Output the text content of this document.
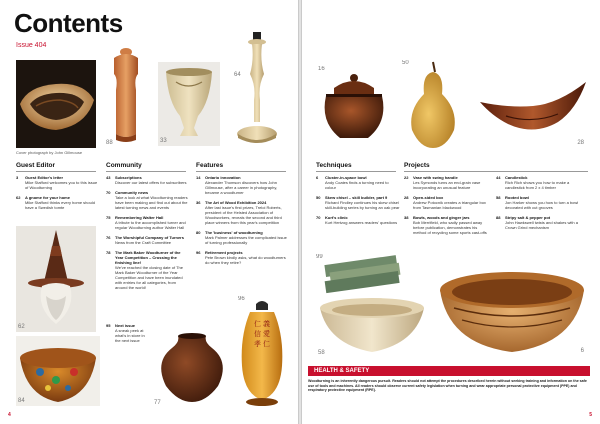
Contents
Issue 404
Cover photograph by John Gillmouse
88	33
64
Guest Editor	Community	Features
3 Guest Editor's letter
Mike Stafford welcomes you to this issue of Woodturning
62 A gnome for your home
Mike Stafford thinks every home should have a Swedish tomte
43 Subscriptions
Discover our latest offers for subscribers
70 Community news
Take a look at what Woodturning readers have been making and find out about the latest turning news and events
75 Remembering Walter Hall
A tribute to the accomplished turner and regular Woodturning author Walter Hall
76 The Worshipful Company of Turners
News from the Craft Committee
78 The Mark Baker Woodturner of the Year Competition – Crossing the finishing line!
We've reached the closing date of The Mark Baker Woodturner of the Year Competition and have been inundated with entries for all categories, from around the world!
95 Next issue
A sneak peek at what's in store in the next issue
14 Ontario innovation
Alexander Thomson discovers how John Gillmouse, after a career in photography, became a woodturner
36 The Art of Wood Exhibition 2024
After last issue's first prizes, Treloi Roberts, president of the Helsted Association of Woodworkers, reveals the second and third place winners from this year's competition
80 The 'business' of woodturning
Mark Palmer addresses the complicated issue of turning professionally
96 Retirement projects
Pete Brown kindly asks, what do woodturners do when they retire?
62
84	77
仁 義 信 愛 孝 仁
96
4
16
50
28
Techniques	Projects
6 Cluster-in-space bowl
Andy Coates finds a turning need to colour
50 Skew chisel – skill builder, part 9
Richard Findley continues his skew chisel skill-building series by turning an oak pear
70 Kurt's clinic
Kurt Hertzog answers readers' questions
22 Vase with swing handle
Les Symonds turns an end-grain vase incorporating an unusual feature
28 Open-sided box
Andrew Potocnik creates a triangular box from Tasmanian blackwood
38 Bowls, woods and ginger jars
Bob Merrifield, who sadly passed away before publication, demonstrates his method of recycling some sports cast-offs
44 Candlestick
Rich Rich shows you how to make a candlestick from 2 x 4 timber
58 Rooted bowl
Jon Harker shows you how to turn a bowl decorated with cut grooves
88 Stripy salt & pepper pot
John Hawkswell twists and shakes with a Crown Grind mechanism
99
58	6
HEALTH & SAFETY
Woodturning is an inherently dangerous pursuit. Readers should not attempt the procedures described herein without seeking training and information on the safe use of tools and machines. All readers should observe current safety legislation when turning and wear appropriate personal protective equipment (PPE) and respiratory protective equipment (RPE).
5
